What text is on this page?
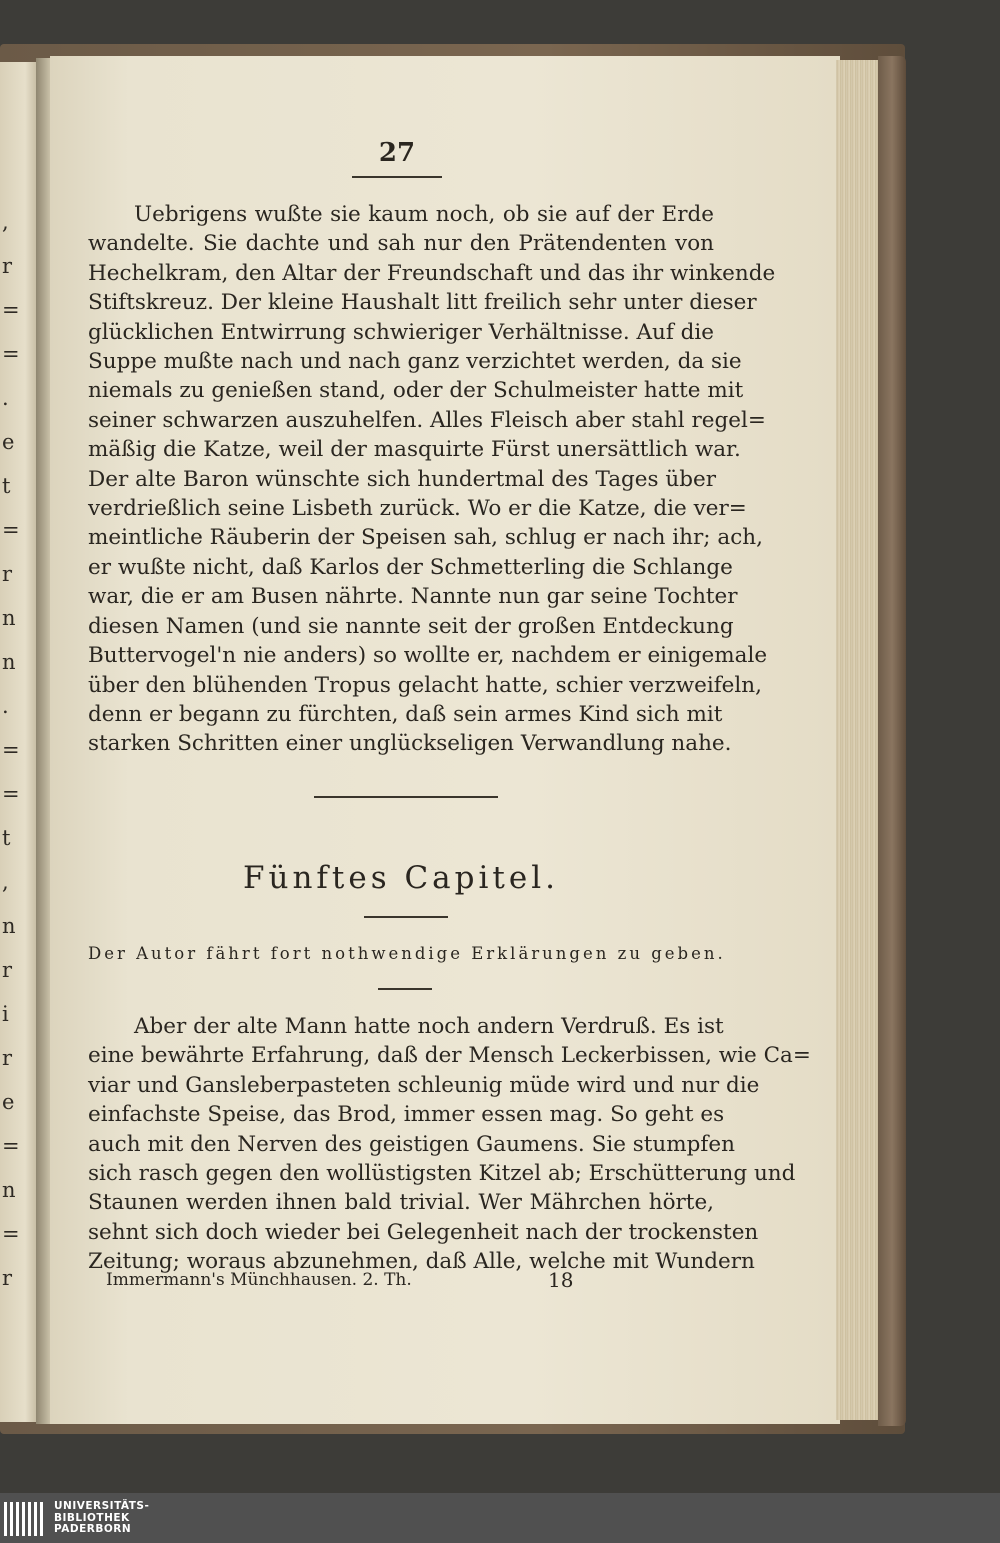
,
r
=
=
.
e
t
=
r
n
n
.
=
=
t
,
n
r
i
r
e
=
n
=
r
27
Uebrigens wußte sie kaum noch, ob sie auf der Erde
wandelte. Sie dachte und sah nur den Prätendenten von
Hechelkram, den Altar der Freundschaft und das ihr winkende
Stiftskreuz. Der kleine Haushalt litt freilich sehr unter dieser
glücklichen Entwirrung schwieriger Verhältnisse. Auf die
Suppe mußte nach und nach ganz verzichtet werden, da sie
niemals zu genießen stand, oder der Schulmeister hatte mit
seiner schwarzen auszuhelfen. Alles Fleisch aber stahl regel=
mäßig die Katze, weil der masquirte Fürst unersättlich war.
Der alte Baron wünschte sich hundertmal des Tages über
verdrießlich seine Lisbeth zurück. Wo er die Katze, die ver=
meintliche Räuberin der Speisen sah, schlug er nach ihr; ach,
er wußte nicht, daß Karlos der Schmetterling die Schlange
war, die er am Busen nährte. Nannte nun gar seine Tochter
diesen Namen (und sie nannte seit der großen Entdeckung
Buttervogel'n nie anders) so wollte er, nachdem er einigemale
über den blühenden Tropus gelacht hatte, schier verzweifeln,
denn er begann zu fürchten, daß sein armes Kind sich mit
starken Schritten einer unglückseligen Verwandlung nahe.
Fünftes Capitel.
Der Autor fährt fort nothwendige Erklärungen zu geben.
Aber der alte Mann hatte noch andern Verdruß. Es ist
eine bewährte Erfahrung, daß der Mensch Leckerbissen, wie Ca=
viar und Gansleberpasteten schleunig müde wird und nur die
einfachste Speise, das Brod, immer essen mag. So geht es
auch mit den Nerven des geistigen Gaumens. Sie stumpfen
sich rasch gegen den wollüstigsten Kitzel ab; Erschütterung und
Staunen werden ihnen bald trivial. Wer Mährchen hörte,
sehnt sich doch wieder bei Gelegenheit nach der trockensten
Zeitung; woraus abzunehmen, daß Alle, welche mit Wundern
Immermann's Münchhausen. 2. Th.	18
UNIVERSITÄTS-
BIBLIOTHEK
PADERBORN
